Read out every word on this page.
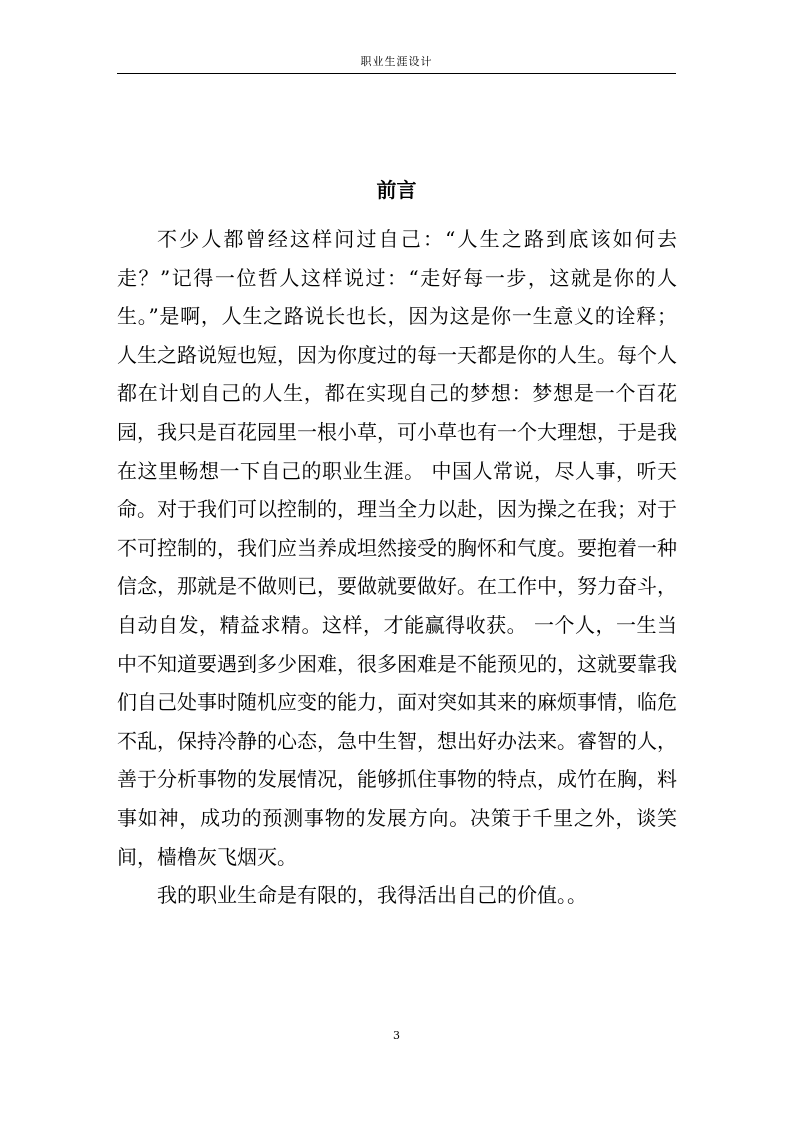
职业生涯设计
前言

不少人都曾经这样问过自己：“人生之路到底该如何去走？”记得一位哲人这样说过：“走好每一步，这就是你的人生。”是啊，人生之路说长也长，因为这是你一生意义的诠释；人生之路说短也短，因为你度过的每一天都是你的人生。每个人都在计划自己的人生，都在实现自己的梦想：梦想是一个百花园，我只是百花园里一根小草，可小草也有一个大理想，于是我在这里畅想一下自己的职业生涯。 中国人常说，尽人事，听天命。对于我们可以控制的，理当全力以赴，因为操之在我；对于不可控制的，我们应当养成坦然接受的胸怀和气度。要抱着一种信念，那就是不做则已，要做就要做好。在工作中，努力奋斗，自动自发，精益求精。这样，才能赢得收获。 一个人，一生当中不知道要遇到多少困难，很多困难是不能预见的，这就要靠我们自己处事时随机应变的能力，面对突如其来的麻烦事情，临危不乱，保持冷静的心态，急中生智，想出好办法来。睿智的人，善于分析事物的发展情况，能够抓住事物的特点，成竹在胸，料事如神，成功的预测事物的发展方向。决策于千里之外，谈笑间，樯橹灰飞烟灭。

我的职业生命是有限的，我得活出自己的价值。。

3
